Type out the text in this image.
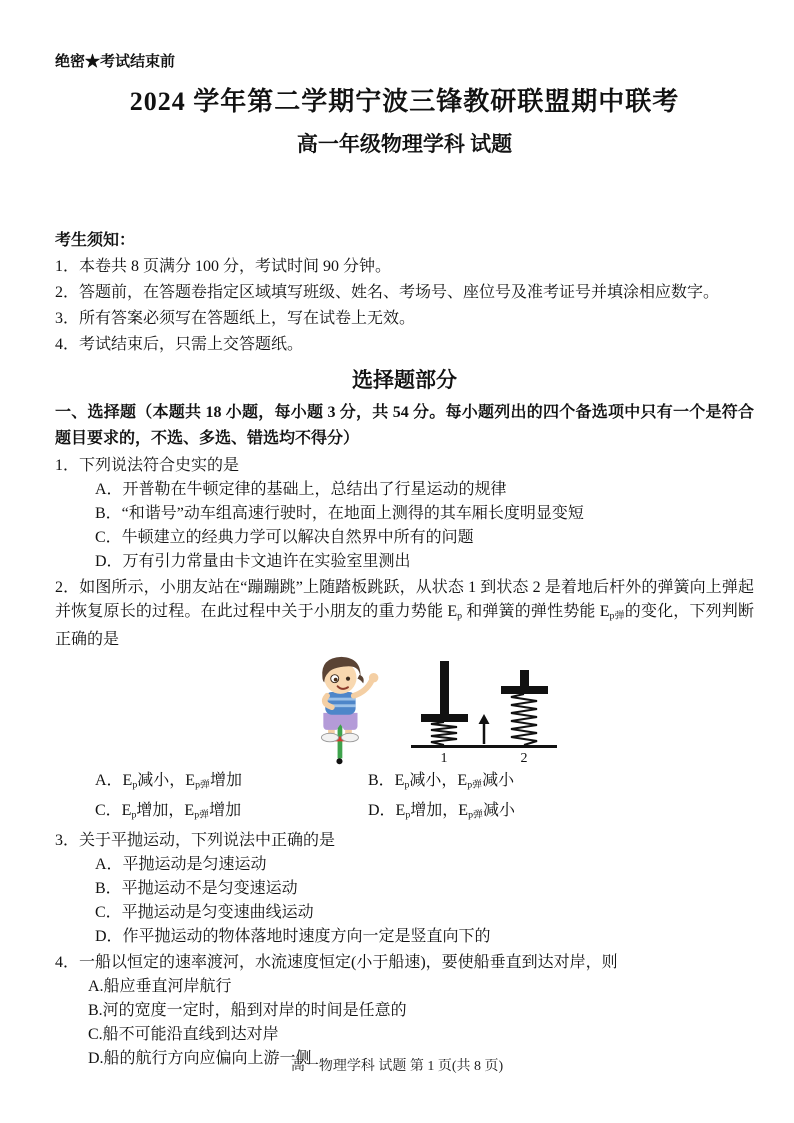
绝密★考试结束前
2024 学年第二学期宁波三锋教研联盟期中联考
高一年级物理学科 试题
考生须知：
1．本卷共 8 页满分 100 分，考试时间 90 分钟。
2．答题前，在答题卷指定区域填写班级、姓名、考场号、座位号及准考证号并填涂相应数字。
3．所有答案必须写在答题纸上，写在试卷上无效。
4．考试结束后，只需上交答题纸。
选择题部分

一、选择题（本题共 18 小题，每小题 3 分，共 54 分。每小题列出的四个备选项中只有一个是符合题目要求的，不选、多选、错选均不得分）

1．下列说法符合史实的是

A．开普勒在牛顿定律的基础上，总结出了行星运动的规律
B．“和谐号”动车组高速行驶时，在地面上测得的其车厢长度明显变短
C．牛顿建立的经典力学可以解决自然界中所有的问题
D．万有引力常量由卡文迪许在实验室里测出

2．如图所示，小朋友站在“蹦蹦跳”上随踏板跳跃，从状态 1 到状态 2 是着地后杆外的弹簧向上弹起并恢复原长的过程。在此过程中关于小朋友的重力势能 $E_p$ 和弹簧的弹性势能 $E_{p弹}$的变化，下列判断正确的是

1	2
A．$E_p$减小，$E_{p弹}$增加	B．$E_p$减小，$E_{p弹}$减小
C．$E_p$增加，$E_{p弹}$增加	D．$E_p$增加，$E_{p弹}$减小

3．关于平抛运动，下列说法中正确的是

A．平抛运动是匀速运动
B．平抛运动不是匀变速运动
C．平抛运动是匀变速曲线运动
D．作平抛运动的物体落地时速度方向一定是竖直向下的

4．一船以恒定的速率渡河，水流速度恒定(小于船速)，要使船垂直到达对岸，则

A.船应垂直河岸航行
B.河的宽度一定时，船到对岸的时间是任意的
C.船不可能沿直线到达对岸
D.船的航行方向应偏向上游一侧
高一物理学科 试题 第 1 页(共 8 页)
